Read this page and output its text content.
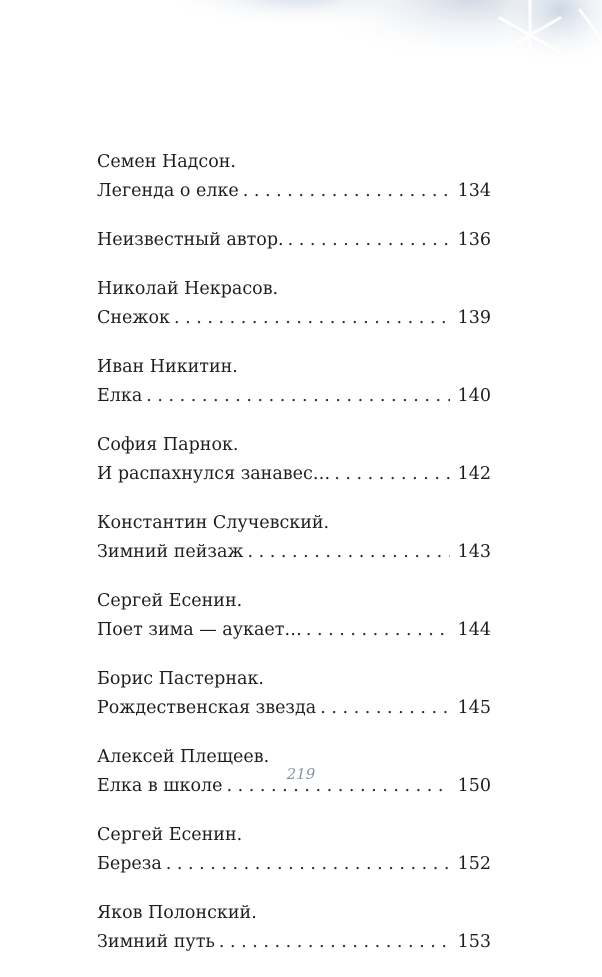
Семен Надсон.
Легенда о елке . . .	134
Неизвестный автор. . . .	136
Николай Некрасов.
Снежок . . .	139
Иван Никитин.
Елка . . .	140
София Парнок.
И распахнулся занавес… . . .	142
Константин Случевский.
Зимний пейзаж . . .	143
Сергей Есенин.
Поет зима — аукает… . . .	144
Борис Пастернак.
Рождественская звезда . . .	145
Алексей Плещеев.
Елка в школе . . .	150
Сергей Есенин.
Береза . . .	152
Яков Полонский.
Зимний путь . . .	153
219
